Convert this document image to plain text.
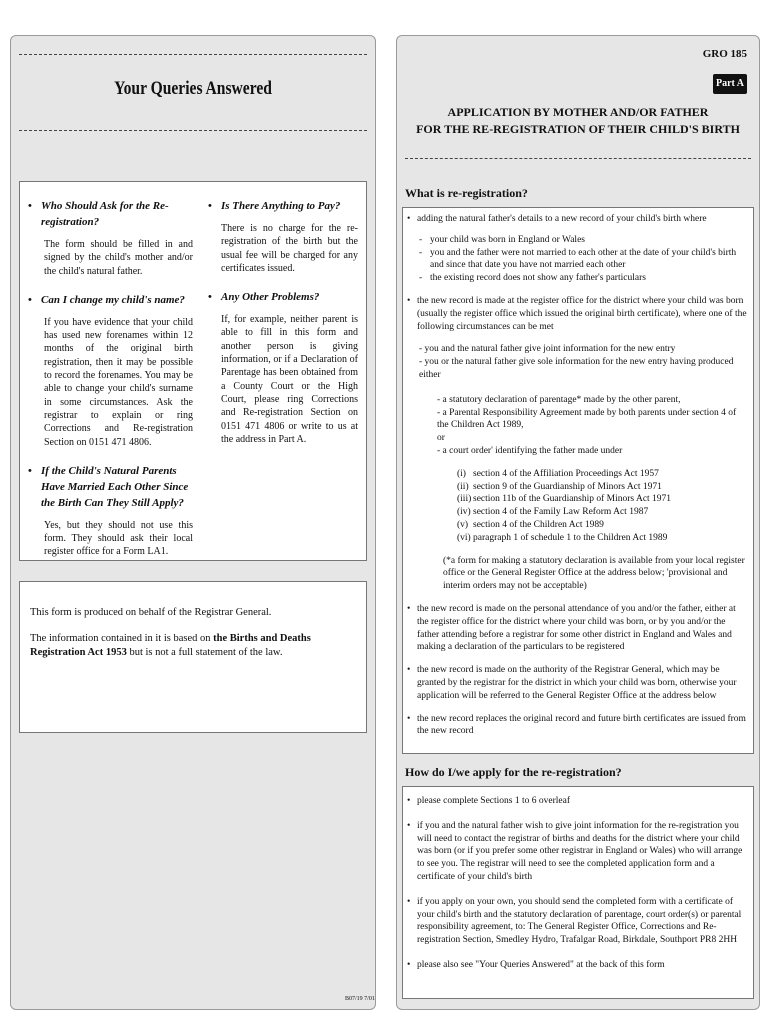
Your Queries Answered
• Who Should Ask for the Re-registration?

The form should be filled in and signed by the child's mother and/or the child's natural father.

• Can I change my child's name?

If you have evidence that your child has used new forenames within 12 months of the original birth registration, then it may be possible to record the forenames. You may be able to change your child's surname in some circumstances. Ask the registrar to explain or ring Corrections and Re-registration Section on 0151 471 4806.

• If the Child's Natural Parents Have Married Each Other Since the Birth Can They Still Apply?

Yes, but they should not use this form. They should ask their local register office for a Form LA1.

• Is There Anything to Pay?

There is no charge for the re-registration of the birth but the usual fee will be charged for any certificates issued.

• Any Other Problems?

If, for example, neither parent is able to fill in this form and another person is giving information, or if a Declaration of Parentage has been obtained from a County Court or the High Court, please ring Corrections and Re-registration Section on 0151 471 4806 or write to us at the address in Part A.

This form is produced on behalf of the Registrar General.
The information contained in it is based on the Births and Deaths Registration Act 1953 but is not a full statement of the law.
B07/19 7/01
GRO 185
Part A
APPLICATION BY MOTHER AND/OR FATHER
FOR THE RE-REGISTRATION OF THEIR CHILD'S BIRTH
What is re-registration?
• adding the natural father's details to a new record of your child's birth where
- your child was born in England or Wales
- you and the father were not married to each other at the date of your child's birth and since that date you have not married each other
- the existing record does not show any father's particulars
• the new record is made at the register office for the district where your child was born (usually the register office which issued the original birth certificate), where one of the following circumstances can be met
- you and the natural father give joint information for the new entry
- you or the natural father give sole information for the new entry having produced either
- a statutory declaration of parentage* made by the other parent,
- a Parental Responsibility Agreement made by both parents under section 4 of the Children Act 1989,
or
- a court order' identifying the father made under
(i) section 4 of the Affiliation Proceedings Act 1957
(ii) section 9 of the Guardianship of Minors Act 1971
(iii) section 11b of the Guardianship of Minors Act 1971
(iv) section 4 of the Family Law Reform Act 1987
(v) section 4 of the Children Act 1989
(vi) paragraph 1 of schedule 1 to the Children Act 1989
(*a form for making a statutory declaration is available from your local register office or the General Register Office at the address below; 'provisional and interim orders may not be acceptable)
• the new record is made on the personal attendance of you and/or the father, either at the register office for the district where your child was born, or by you and/or the father attending before a registrar for some other district in England and Wales and making a declaration of the particulars to be registered
• the new record is made on the authority of the Registrar General, which may be granted by the registrar for the district in which your child was born, otherwise your application will be referred to the General Register Office at the address below
• the new record replaces the original record and future birth certificates are issued from the new record
How do I/we apply for the re-registration?
• please complete Sections 1 to 6 overleaf
• if you and the natural father wish to give joint information for the re-registration you will need to contact the registrar of births and deaths for the district where your child was born (or if you prefer some other registrar in England or Wales) who will arrange to see you. The registrar will need to see the completed application form and a certificate of your child's birth
• if you apply on your own, you should send the completed form with a certificate of your child's birth and the statutory declaration of parentage, court order(s) or parental responsibility agreement, to: The General Register Office, Corrections and Re-registration Section, Smedley Hydro, Trafalgar Road, Birkdale, Southport PR8 2HH
• please also see "Your Queries Answered" at the back of this form
